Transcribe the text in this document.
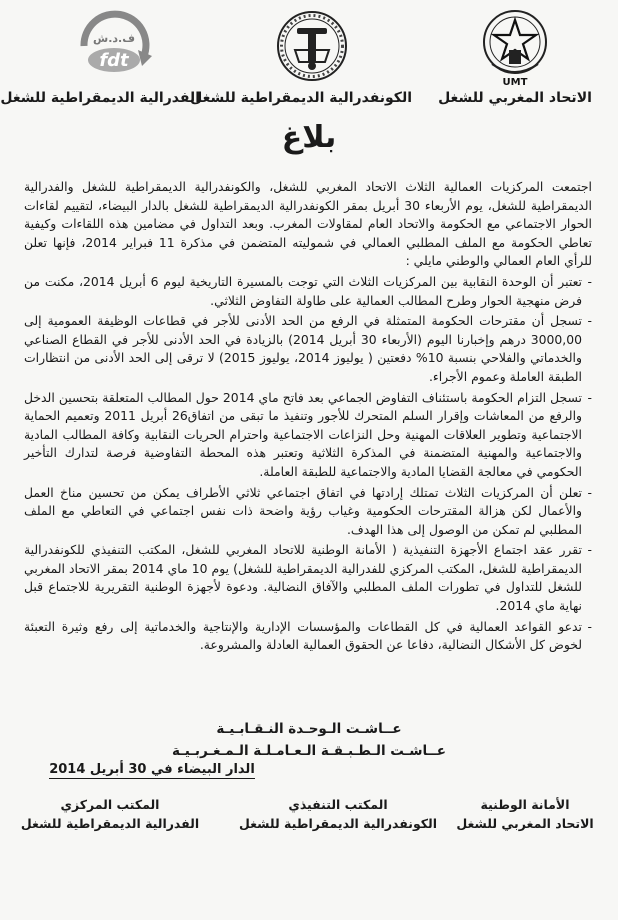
UMT
الاتحاد المغربي للشغل
الكونفدرالية الديمقراطية للشغل
fdt
ف.د.ش
الفدرالية الديمقراطية للشغل
بلاغ

اجتمعت المركزيات العمالية الثلاث الاتحاد المغربي للشغل، والكونفدرالية الديمقراطية للشغل والفدرالية الديمقراطية للشغل، يوم الأربعاء 30 أبريل بمقر الكونفدرالية الديمقراطية للشغل بالدار البيضاء، لتقييم لقاءات الحوار الاجتماعي مع الحكومة والاتحاد العام لمقاولات المغرب. وبعد التداول في مضامين هذه اللقاءات وكيفية تعاطي الحكومة مع الملف المطلبي العمالي في شموليته المتضمن في مذكرة 11 فبراير 2014، فإنها تعلن للرأي العام العمالي والوطني مايلي :

- تعتبر أن الوحدة النقابية بين المركزيات الثلاث التي توجت بالمسيرة التاريخية ليوم 6 أبريل 2014، مكنت من فرض منهجية الحوار وطرح المطالب العمالية على طاولة التفاوض الثلاثي.
- تسجل أن مقترحات الحكومة المتمثلة في الرفع من الحد الأدنى للأجر في قطاعات الوظيفة العمومية إلى 3000,00 درهم وإخبارنا اليوم (الأربعاء 30 أبريل 2014) بالزيادة في الحد الأدنى للأجر في القطاع الصناعي والخدماتي والفلاحي بنسبة 10% دفعتين ( يوليوز 2014، يوليوز 2015) لا ترقى إلى الحد الأدنى من انتظارات الطبقة العاملة وعموم الأجراء.
- تسجل التزام الحكومة باستئناف التفاوض الجماعي بعد فاتح ماي 2014 حول المطالب المتعلقة بتحسين الدخل والرفع من المعاشات وإقرار السلم المتحرك للأجور وتنفيذ ما تبقى من اتفاق26 أبريل 2011 وتعميم الحماية الاجتماعية وتطوير العلاقات المهنية وحل النزاعات الاجتماعية واحترام الحريات النقابية وكافة المطالب المادية والاجتماعية والمهنية المتضمنة في المذكرة الثلاثية وتعتبر هذه المحطة التفاوضية فرصة لتدارك التأخير الحكومي في معالجة القضايا المادية والاجتماعية للطبقة العاملة.
- تعلن أن المركزيات الثلاث تمتلك إرادتها في اتفاق اجتماعي ثلاثي الأطراف يمكن من تحسين مناخ العمل والأعمال لكن هزالة المقترحات الحكومية وغياب رؤية واضحة ذات نفس اجتماعي في التعاطي مع الملف المطلبي لم تمكن من الوصول إلى هذا الهدف.
- تقرر عقد اجتماع الأجهزة التنفيذية ( الأمانة الوطنية للاتحاد المغربي للشغل، المكتب التنفيذي للكونفدرالية الديمقراطية للشغل، المكتب المركزي للفدرالية الديمقراطية للشغل) يوم 10 ماي 2014 بمقر الاتحاد المغربي للشغل للتداول في تطورات الملف المطلبي والآفاق النضالية. ودعوة لأجهزة الوطنية التقريرية للاجتماع قبل نهاية ماي 2014.
- تدعو القواعد العمالية في كل القطاعات والمؤسسات الإدارية والإنتاجية والخدماتية إلى رفع وثيرة التعبئة لخوض كل الأشكال النضالية، دفاعا عن الحقوق العمالية العادلة والمشروعة.
عــاشـت الـوحـدة النـقـابـيـة
عــاشـت الـطـبـقـة الـعـامـلـة الـمـغـربـيـة
الدار البيضاء في 30 أبريل 2014
الأمانة الوطنية
الاتحاد المغربي للشغل
المكتب التنفيذي
الكونفدرالية الديمقراطية للشغل
المكتب المركزي
الفدرالية الديمقراطية للشغل
